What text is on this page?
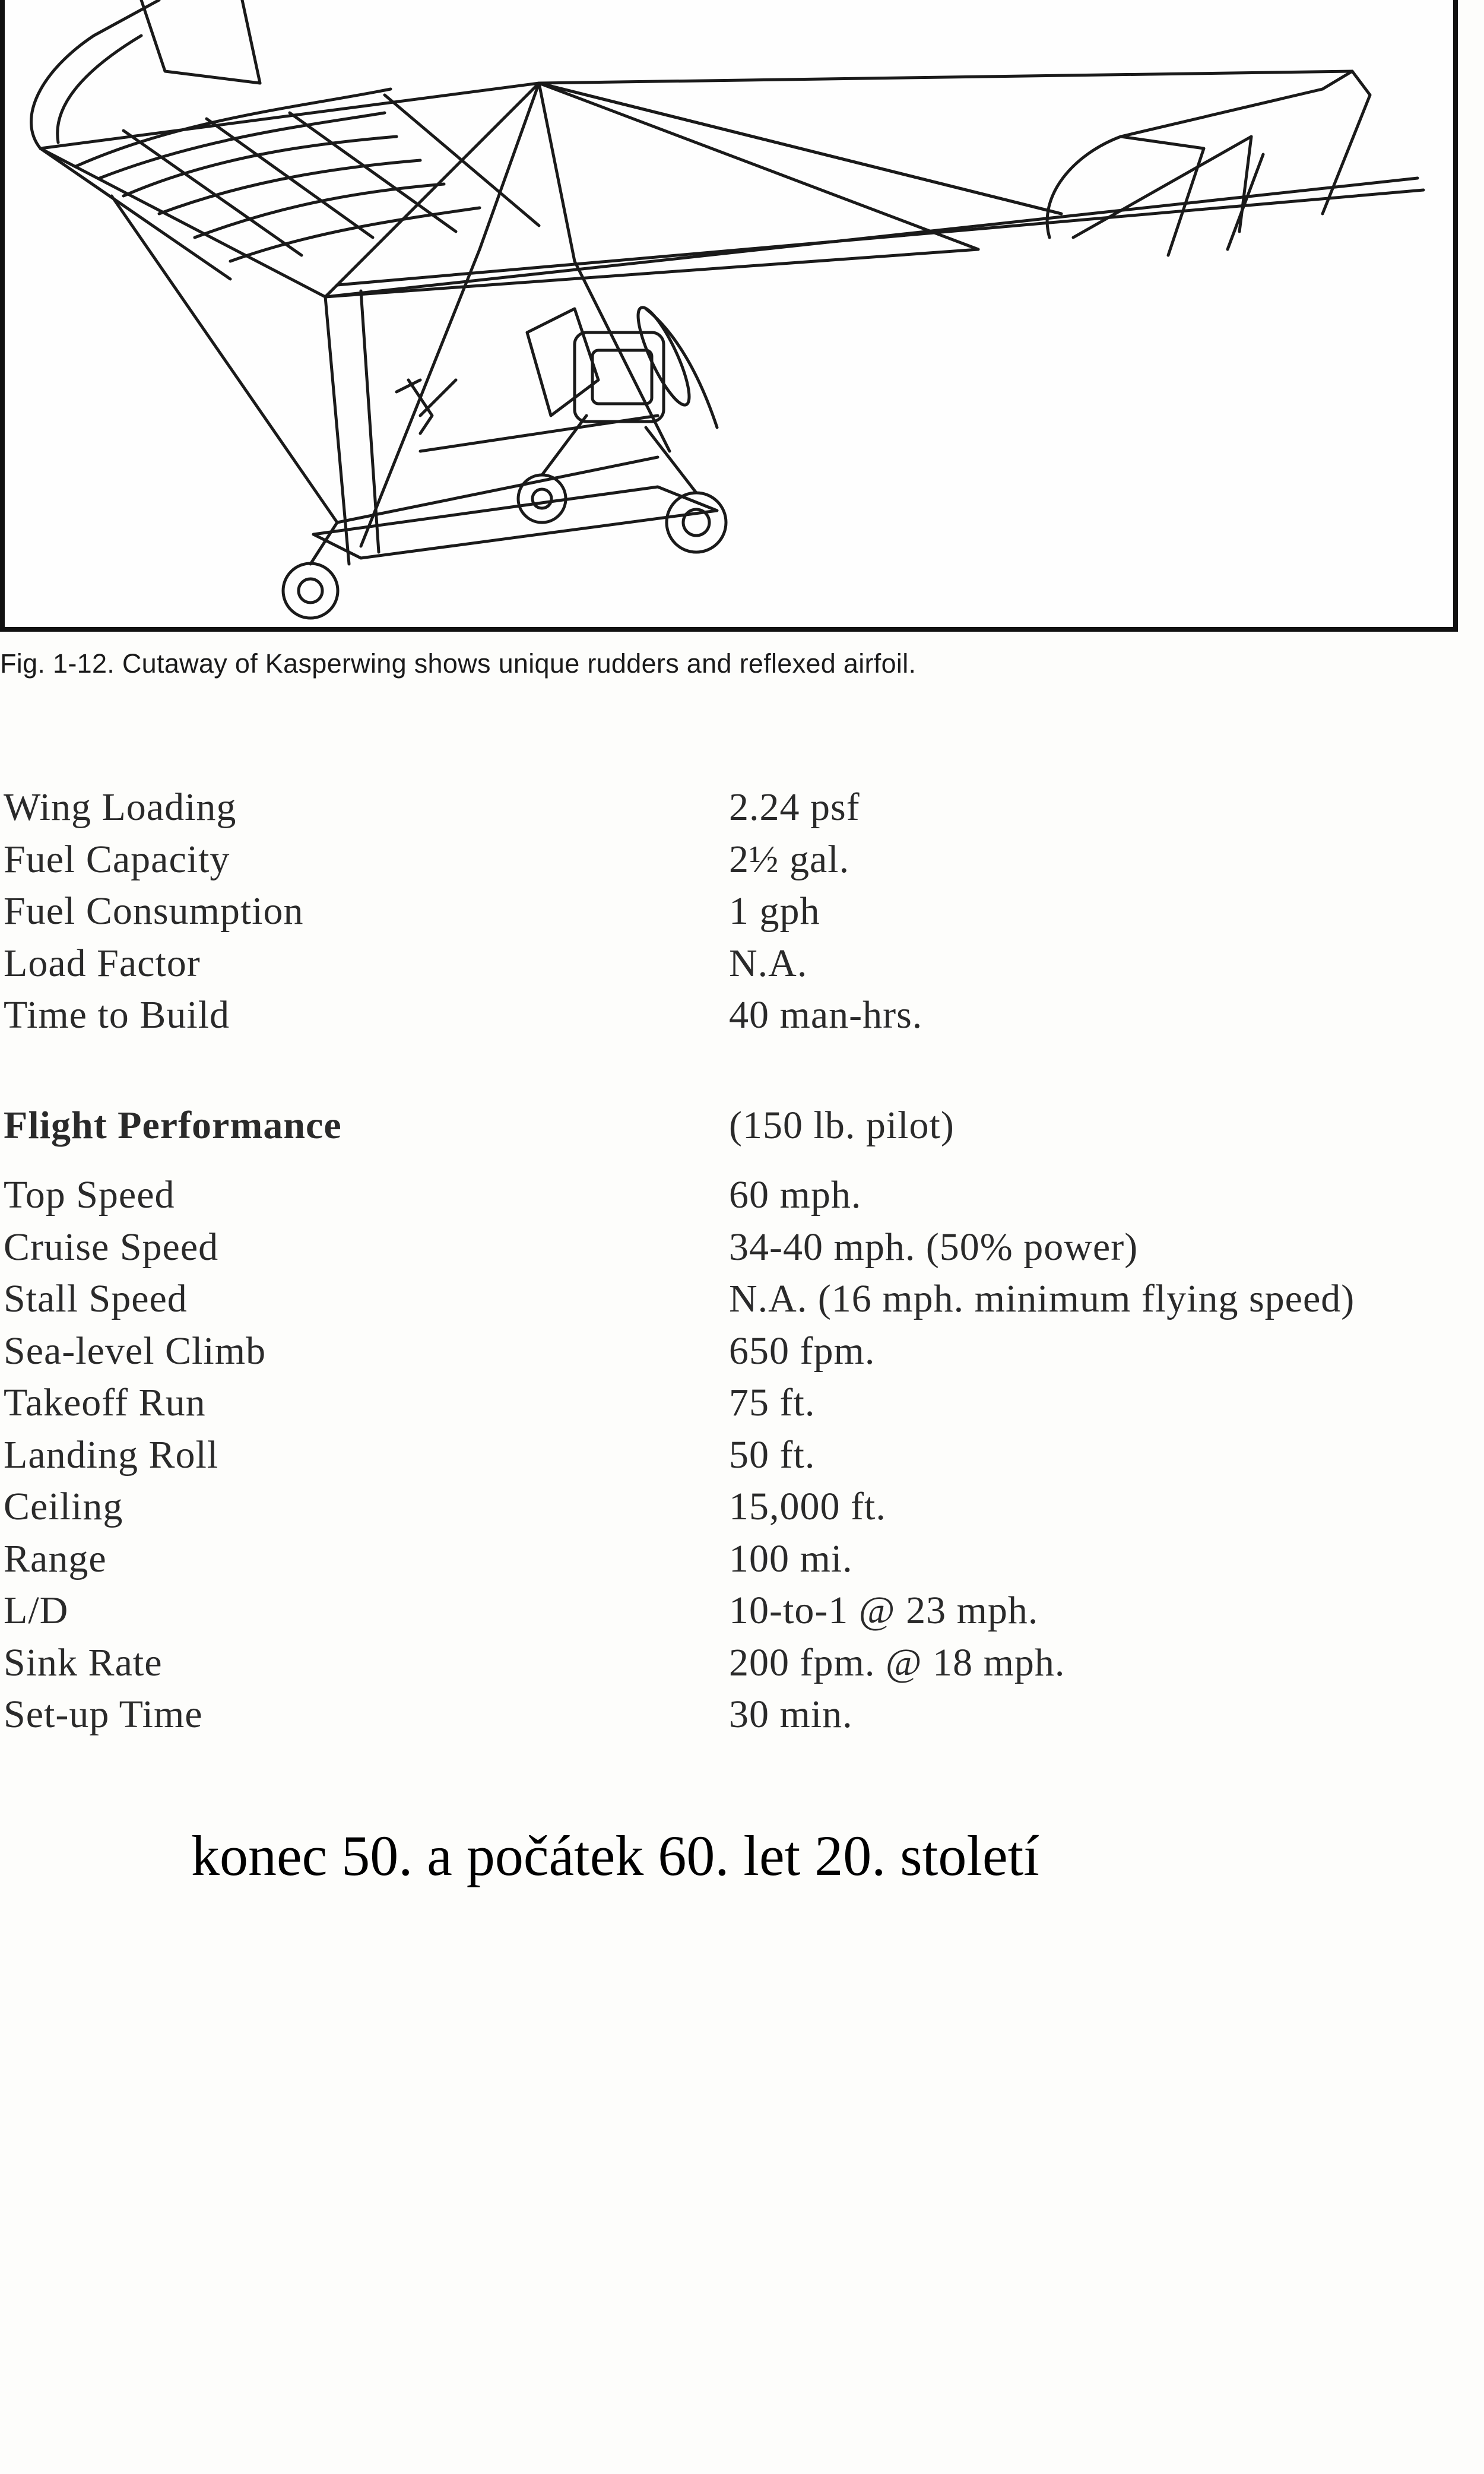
Fig. 1-12. Cutaway of Kasperwing shows unique rudders and reflexed airfoil.
Wing Loading	2.24 psf
Fuel Capacity	2½ gal.
Fuel Consumption	1 gph
Load Factor	N.A.
Time to Build	40 man-hrs.
Flight Performance	(150 lb. pilot)
Top Speed	60 mph.
Cruise Speed	34-40 mph. (50% power)
Stall Speed	N.A. (16 mph. minimum flying speed)
Sea-level Climb	650 fpm.
Takeoff Run	75 ft.
Landing Roll	50 ft.
Ceiling	15,000 ft.
Range	100 mi.
L/D	10-to-1 @ 23 mph.
Sink Rate	200 fpm. @ 18 mph.
Set-up Time	30 min.
konec 50. a počátek 60. let 20. století
